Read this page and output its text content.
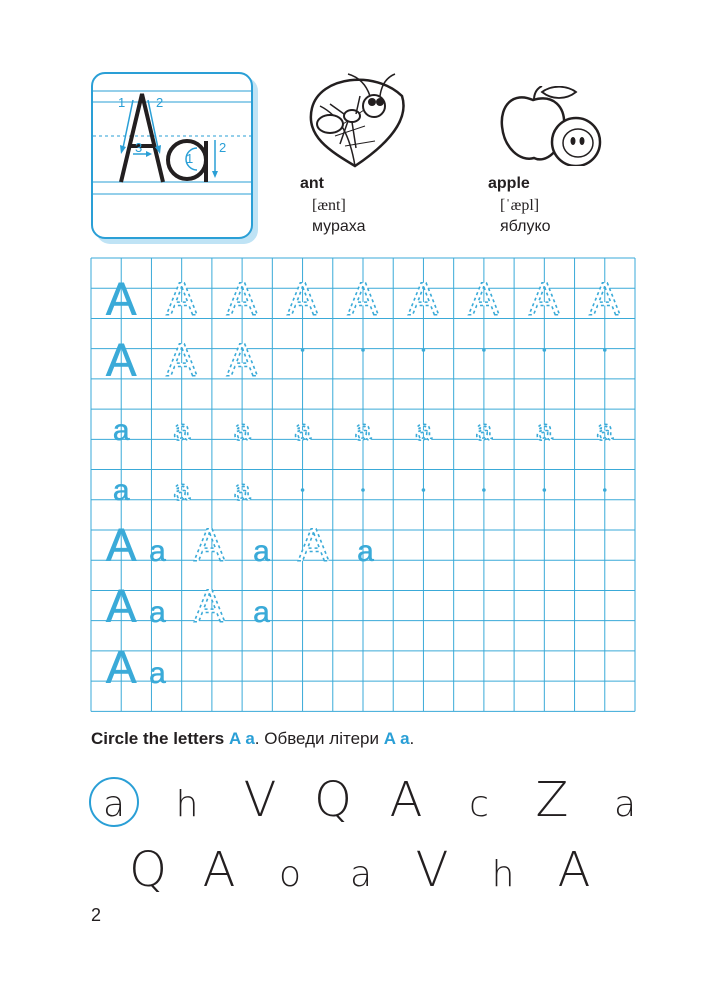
1 2
3
1
2
ant
[ænt]
мураха
apple
[ˈæpl]
яблуко
A A A A A A A A A
A A A
a a a a a a a a a
a a a
A a A a A a
A a A a
A a
Circle the letters A a. Обведи літери A a.
a h V Q A c Z a
Q A o a V h A
2
